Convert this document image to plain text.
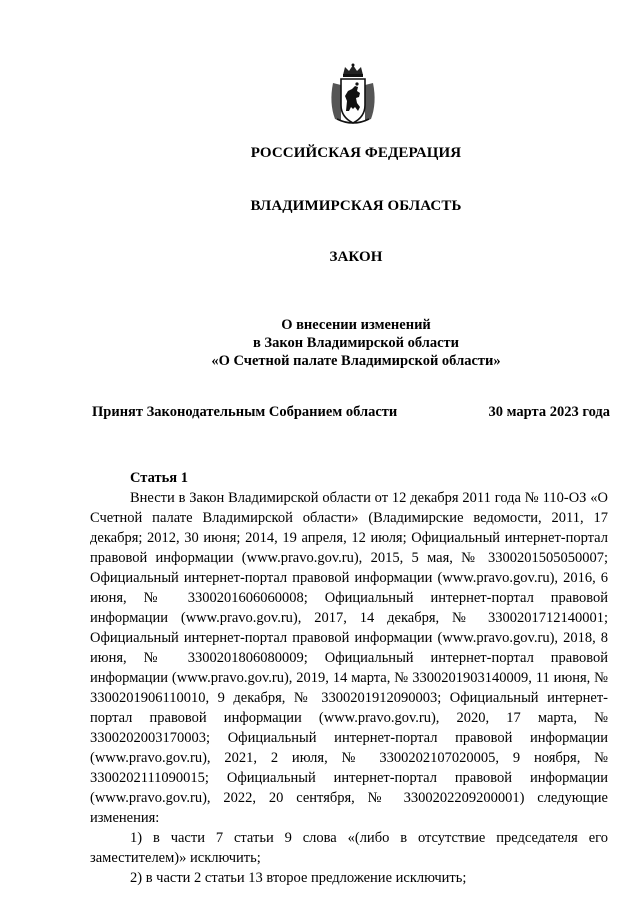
РОССИЙСКАЯ ФЕДЕРАЦИЯ
ВЛАДИМИРСКАЯ ОБЛАСТЬ
ЗАКОН
О внесении изменений
в Закон Владимирской области
«О Счетной палате Владимирской области»
Принят Законодательным Собранием области	30 марта 2023 года
Статья 1

Внести в Закон Владимирской области от 12 декабря 2011 года № 110-ОЗ «О Счетной палате Владимирской области» (Владимирские ведомости, 2011, 17 декабря; 2012, 30 июня; 2014, 19 апреля, 12 июля; Официальный интернет-портал правовой информации (www.pravo.gov.ru), 2015, 5 мая, № 3300201505050007; Официальный интернет-портал правовой информации (www.pravo.gov.ru), 2016, 6 июня, № 3300201606060008; Официальный интернет-портал правовой информации (www.pravo.gov.ru), 2017, 14 декабря, № 3300201712140001; Официальный интернет-портал правовой информации (www.pravo.gov.ru), 2018, 8 июня, № 3300201806080009; Официальный интернет-портал правовой информации (www.pravo.gov.ru), 2019, 14 марта, № 3300201903140009, 11 июня, № 3300201906110010, 9 декабря, № 3300201912090003; Официальный интернет-портал правовой информации (www.pravo.gov.ru), 2020, 17 марта, № 3300202003170003; Официальный интернет-портал правовой информации (www.pravo.gov.ru), 2021, 2 июля, № 3300202107020005, 9 ноября, № 3300202111090015; Официальный интернет-портал правовой информации (www.pravo.gov.ru), 2022, 20 сентября, № 3300202209200001) следующие изменения:

1) в части 7 статьи 9 слова «(либо в отсутствие председателя его заместителем)» исключить;

2) в части 2 статьи 13 второе предложение исключить;
